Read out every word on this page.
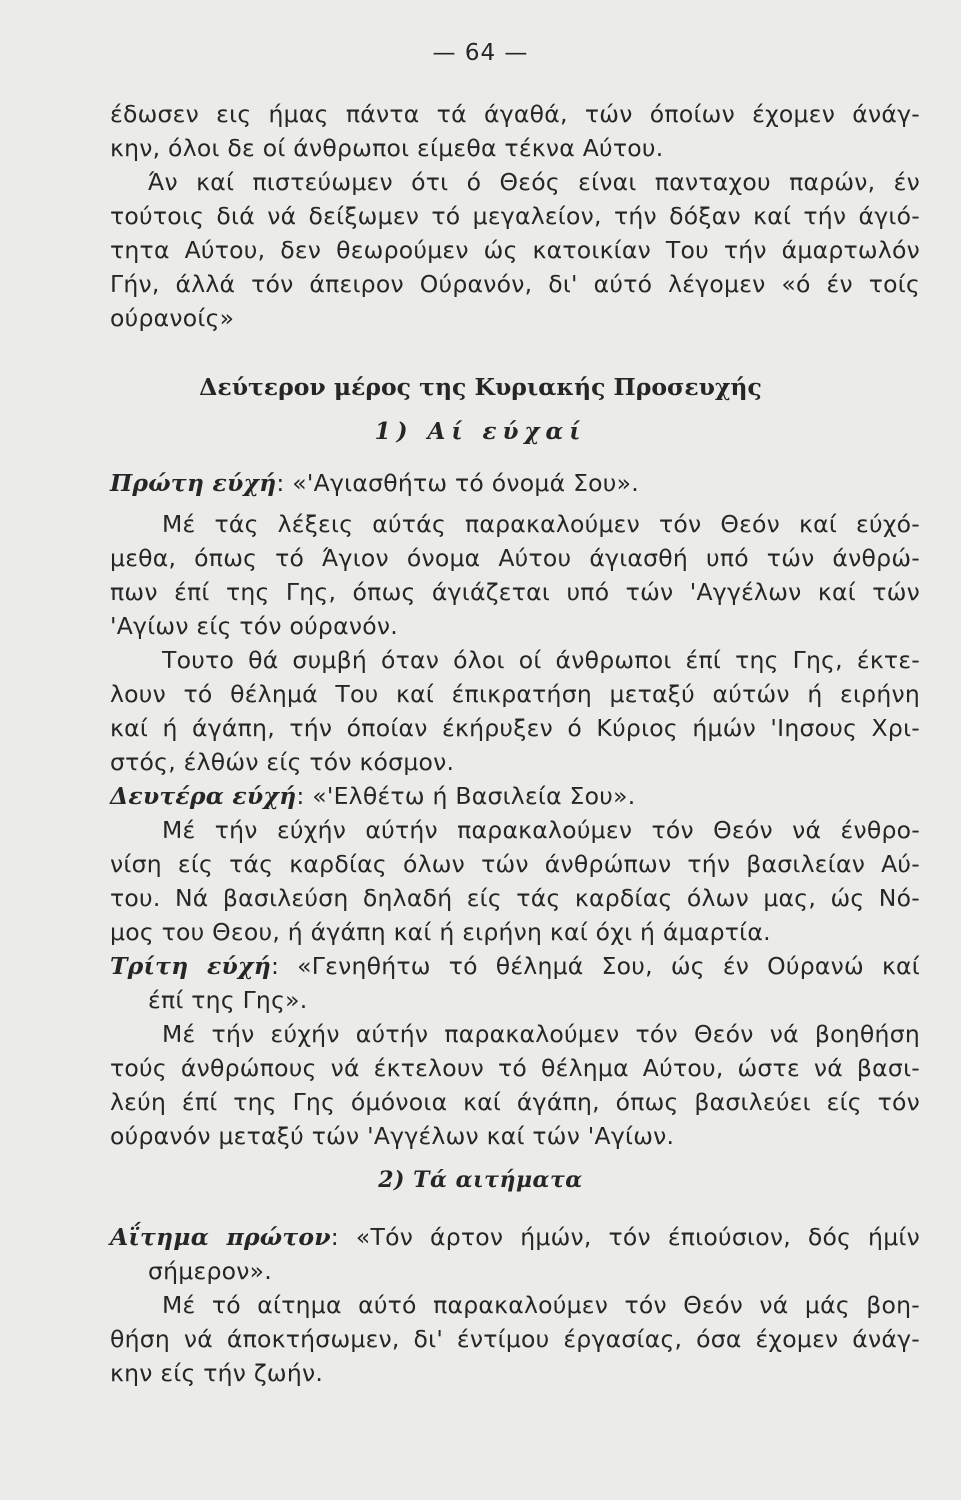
— 64 —
έδωσεν εις ήμας πάντα τά άγαθά, τών όποίων έχομεν άνάγ-
κην, όλοι δε οί άνθρωποι είμεθα τέκνα Αύτου.
Άν καί πιστεύωμεν ότι ό Θεός είναι πανταχου παρών, έν
τούτοις διά νά δείξωμεν τό μεγαλείον, τήν δόξαν καί τήν άγιό-
τητα Αύτου, δεν θεωρούμεν ώς κατοικίαν Του τήν άμαρτωλόν
Γήν, άλλά τόν άπειρον Ούρανόν, δι' αύτό λέγομεν «ό έν τοίς
ούρανοίς»
Δεύτερον μέρος της Κυριακής Προσευχής
1) Αί εύχαί
Πρώτη εύχή: «'Αγιασθήτω τό όνομά Σου».
Μέ τάς λέξεις αύτάς παρακαλούμεν τόν Θεόν καί εύχό-
μεθα, όπως τό Άγιον όνομα Αύτου άγιασθή υπό τών άνθρώ-
πων έπί της Γης, όπως άγιάζεται υπό τών 'Αγγέλων καί τών
'Αγίων είς τόν ούρανόν.
Τουτο θά συμβή όταν όλοι οί άνθρωποι έπί της Γης, έκτε-
λουν τό θέλημά Του καί έπικρατήση μεταξύ αύτών ή ειρήνη
καί ή άγάπη, τήν όποίαν έκήρυξεν ό Κύριος ήμών 'Ιησους Χρι-
στός, έλθών είς τόν κόσμον.
Δευτέρα εύχή: «'Ελθέτω ή Βασιλεία Σου».
Μέ τήν εύχήν αύτήν παρακαλούμεν τόν Θεόν νά ένθρο-
νίση είς τάς καρδίας όλων τών άνθρώπων τήν βασιλείαν Αύ-
του. Νά βασιλεύση δηλαδή είς τάς καρδίας όλων μας, ώς Νό-
μος του Θεου, ή άγάπη καί ή ειρήνη καί όχι ή άμαρτία.
Τρίτη εύχή: «Γενηθήτω τό θέλημά Σου, ώς έν Ούρανώ καί
έπί της Γης».
Μέ τήν εύχήν αύτήν παρακαλούμεν τόν Θεόν νά βοηθήση
τούς άνθρώπους νά έκτελουν τό θέλημα Αύτου, ώστε νά βασι-
λεύη έπί της Γης όμόνοια καί άγάπη, όπως βασιλεύει είς τόν
ούρανόν μεταξύ τών 'Αγγέλων καί τών 'Αγίων.
2) Τά αιτήματα
Αΐτημα πρώτον: «Τόν άρτον ήμών, τόν έπιούσιον, δός ήμίν
σήμερον».
Μέ τό αίτημα αύτό παρακαλούμεν τόν Θεόν νά μάς βοη-
θήση νά άποκτήσωμεν, δι' έντίμου έργασίας, όσα έχομεν άνάγ-
κην είς τήν ζωήν.
